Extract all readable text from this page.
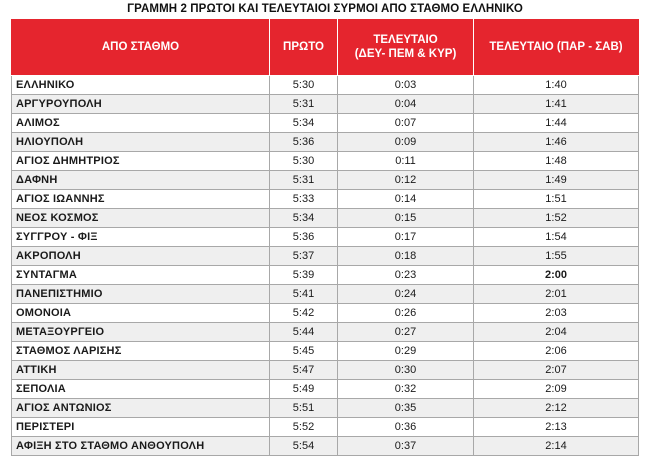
ΓΡΑΜΜΗ 2 ΠΡΩΤΟΙ ΚΑΙ ΤΕΛΕΥΤΑΙΟΙ ΣΥΡΜΟΙ ΑΠΟ ΣΤΑΘΜΟ ΕΛΛΗΝΙΚΟ
ΑΠΟ ΣΤΑΘΜΟ	ΠΡΩΤΟ	ΤΕΛΕΥΤΑΙΟ
(ΔΕΥ- ΠΕΜ & ΚΥΡ)	ΤΕΛΕΥΤΑΙΟ (ΠΑΡ - ΣΑΒ)
ΕΛΛΗΝΙΚΟ	5:30	0:03	1:40
ΑΡΓΥΡΟΥΠΟΛΗ	5:31	0:04	1:41
ΑΛΙΜΟΣ	5:34	0:07	1:44
ΗΛΙΟΥΠΟΛΗ	5:36	0:09	1:46
ΑΓΙΟΣ ΔΗΜΗΤΡΙΟΣ	5:30	0:11	1:48
ΔΑΦΝΗ	5:31	0:12	1:49
ΑΓΙΟΣ ΙΩΑΝΝΗΣ	5:33	0:14	1:51
ΝΕΟΣ ΚΟΣΜΟΣ	5:34	0:15	1:52
ΣΥΓΓΡΟΥ - ΦΙΞ	5:36	0:17	1:54
ΑΚΡΟΠΟΛΗ	5:37	0:18	1:55
ΣΥΝΤΑΓΜΑ	5:39	0:23	2:00
ΠΑΝΕΠΙΣΤΗΜΙΟ	5:41	0:24	2:01
ΟΜΟΝΟΙΑ	5:42	0:26	2:03
ΜΕΤΑΞΟΥΡΓΕΙΟ	5:44	0:27	2:04
ΣΤΑΘΜΟΣ ΛΑΡΙΣΗΣ	5:45	0:29	2:06
ΑΤΤΙΚΗ	5:47	0:30	2:07
ΣΕΠΟΛΙΑ	5:49	0:32	2:09
ΑΓΙΟΣ ΑΝΤΩΝΙΟΣ	5:51	0:35	2:12
ΠΕΡΙΣΤΕΡΙ	5:52	0:36	2:13
ΑΦΙΞΗ ΣΤΟ ΣΤΑΘΜΟ ΑΝΘΟΥΠΟΛΗ	5:54	0:37	2:14
